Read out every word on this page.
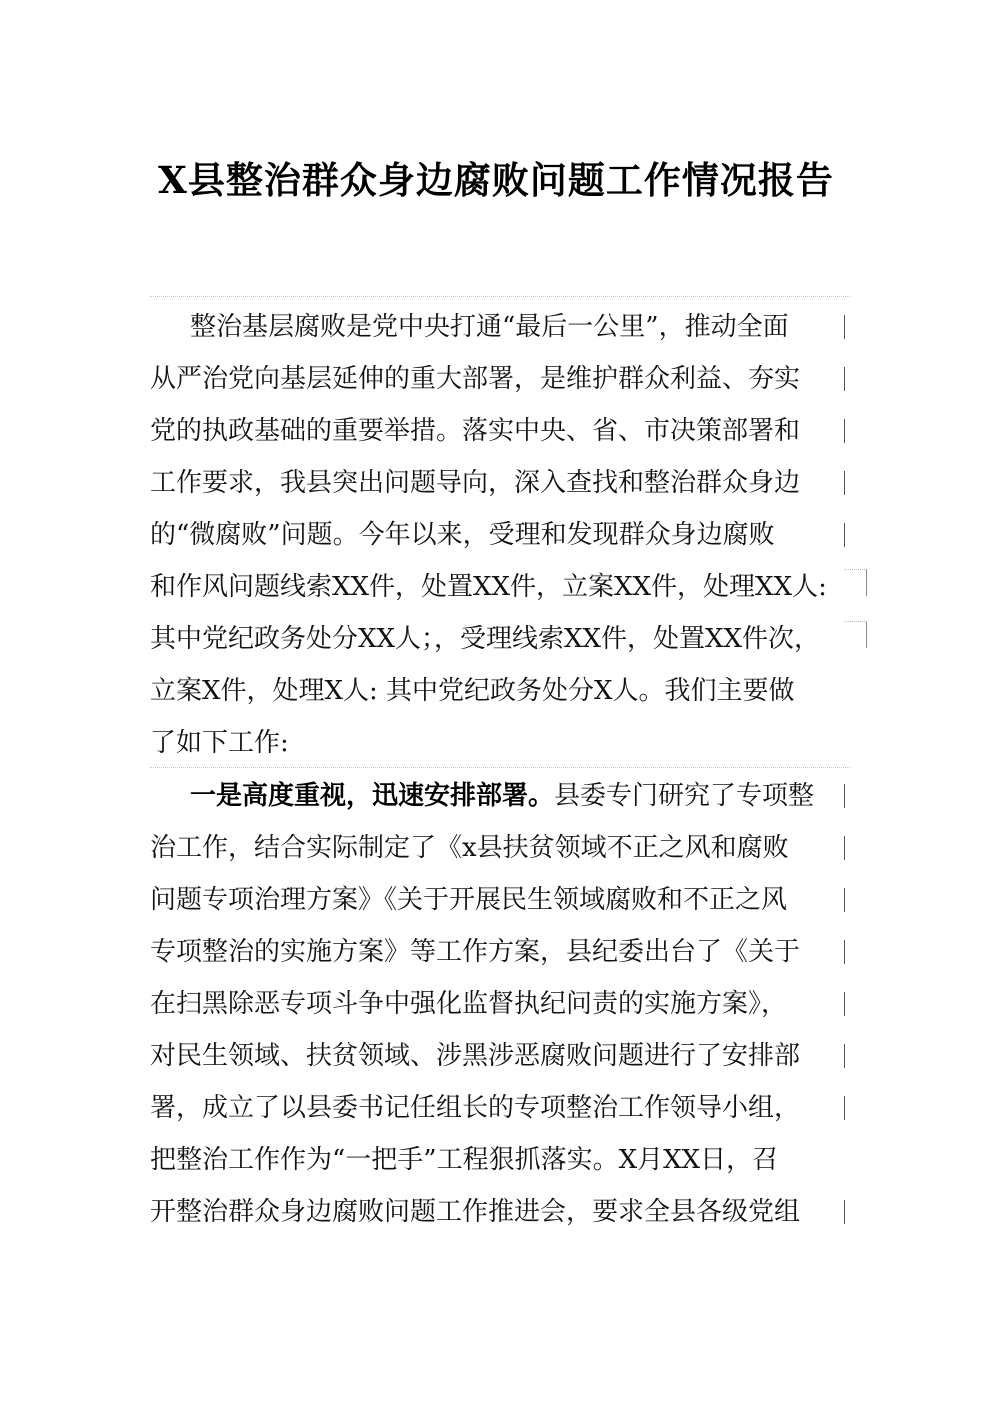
X县整治群众身边腐败问题工作情况报告
整治基层腐败是党中央打通“最后一公里”，推动全面
从严治党向基层延伸的重大部署，是维护群众利益、夯实
党的执政基础的重要举措。落实中央、省、市决策部署和
工作要求，我县突出问题导向，深入查找和整治群众身边
的“微腐败”问题。今年以来，受理和发现群众身边腐败
和作风问题线索XX件，处置XX件，立案XX件，处理XX人:
其中党纪政务处分XX人；，受理线索XX件，处置XX件次，
立案X件，处理X人: 其中党纪政务处分X人。我们主要做
了如下工作:
一是高度重视，迅速安排部署。县委专门研究了专项整
治工作，结合实际制定了《x县扶贫领域不正之风和腐败
问题专项治理方案》《关于开展民生领域腐败和不正之风
专项整治的实施方案》等工作方案，县纪委出台了《关于
在扫黑除恶专项斗争中强化监督执纪问责的实施方案》，
对民生领域、扶贫领域、涉黑涉恶腐败问题进行了安排部
署，成立了以县委书记任组长的专项整治工作领导小组，
把整治工作作为“一把手”工程狠抓落实。X月XX日，召
开整治群众身边腐败问题工作推进会，要求全县各级党组
